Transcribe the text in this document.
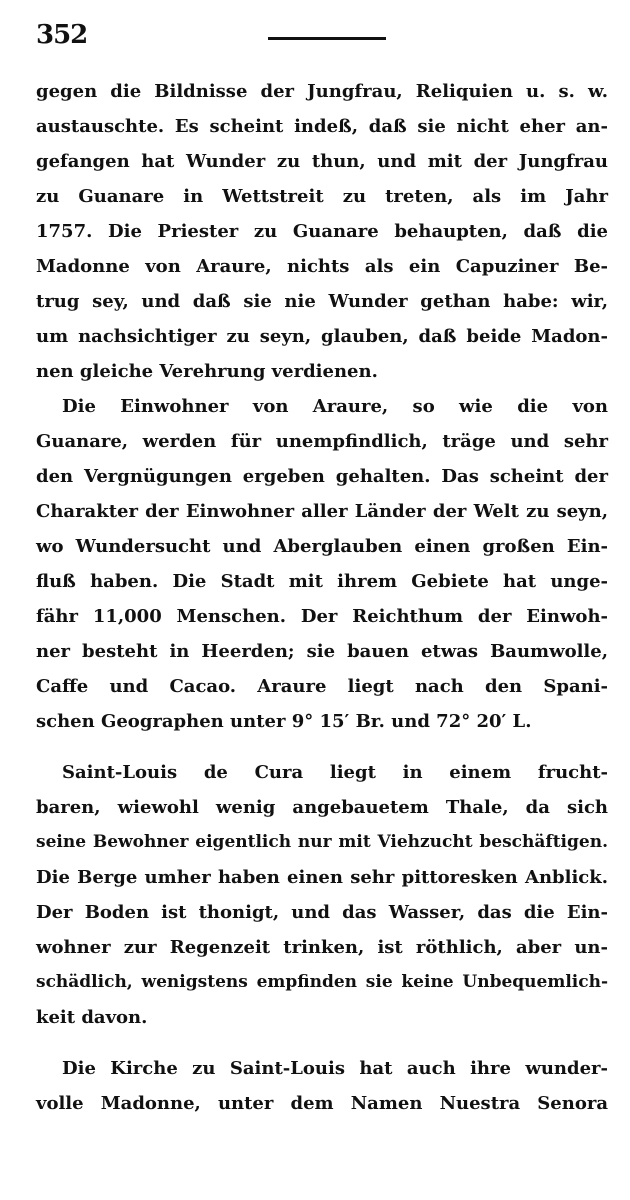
352
gegen die Bildnisse der Jungfrau, Reliquien u. s. w.
austauschte. Es scheint indeß, daß sie nicht eher an-
gefangen hat Wunder zu thun, und mit der Jungfrau
zu Guanare in Wettstreit zu treten, als im Jahr
1757. Die Priester zu Guanare behaupten, daß die
Madonne von Araure, nichts als ein Capuziner Be-
trug sey, und daß sie nie Wunder gethan habe: wir,
um nachsichtiger zu seyn, glauben, daß beide Madon-
nen gleiche Verehrung verdienen.
Die Einwohner von Araure, so wie die von
Guanare, werden für unempfindlich, träge und sehr
den Vergnügungen ergeben gehalten. Das scheint der
Charakter der Einwohner aller Länder der Welt zu seyn,
wo Wundersucht und Aberglauben einen großen Ein-
fluß haben. Die Stadt mit ihrem Gebiete hat unge-
fähr 11,000 Menschen. Der Reichthum der Einwoh-
ner besteht in Heerden; sie bauen etwas Baumwolle,
Caffe und Cacao. Araure liegt nach den Spani-
schen Geographen unter 9° 15′ Br. und 72° 20′ L.
Saint-Louis de Cura liegt in einem frucht-
baren, wiewohl wenig angebauetem Thale, da sich
seine Bewohner eigentlich nur mit Viehzucht beschäftigen.
Die Berge umher haben einen sehr pittoresken Anblick.
Der Boden ist thonigt, und das Wasser, das die Ein-
wohner zur Regenzeit trinken, ist röthlich, aber un-
schädlich, wenigstens empfinden sie keine Unbequemlich-
keit davon.
Die Kirche zu Saint-Louis hat auch ihre wunder-
volle Madonne, unter dem Namen Nuestra Senora
